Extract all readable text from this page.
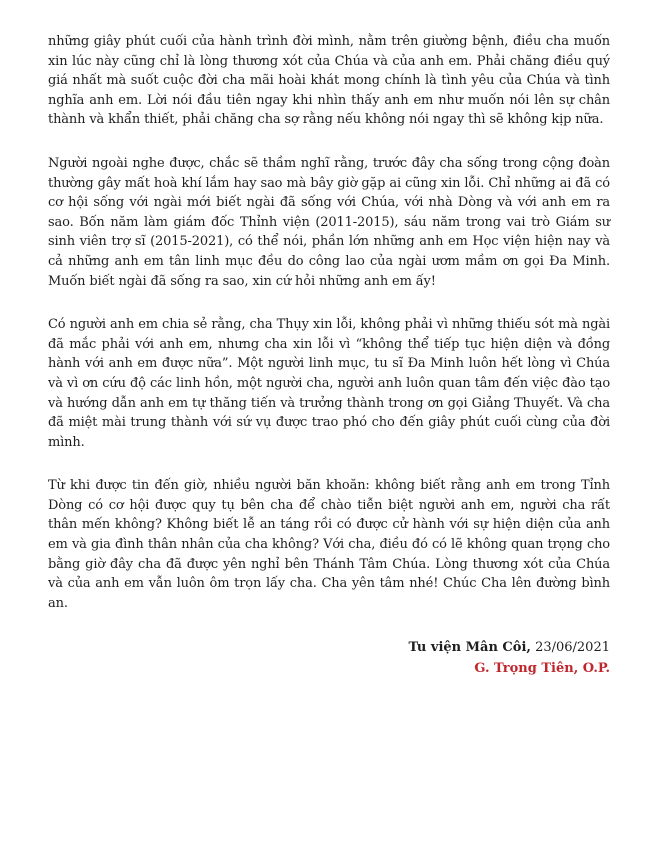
những giây phút cuối của hành trình đời mình, nằm trên giường bệnh, điều cha muốn xin lúc này cũng chỉ là lòng thương xót của Chúa và của anh em. Phải chăng điều quý giá nhất mà suốt cuộc đời cha mãi hoài khát mong chính là tình yêu của Chúa và tình nghĩa anh em. Lời nói đầu tiên ngay khi nhìn thấy anh em như muốn nói lên sự chân thành và khẩn thiết, phải chăng cha sợ rằng nếu không nói ngay thì sẽ không kịp nữa.

Người ngoài nghe được, chắc sẽ thầm nghĩ rằng, trước đây cha sống trong cộng đoàn thường gây mất hoà khí lắm hay sao mà bây giờ gặp ai cũng xin lỗi. Chỉ những ai đã có cơ hội sống với ngài mới biết ngài đã sống với Chúa, với nhà Dòng và với anh em ra sao. Bốn năm làm giám đốc Thỉnh viện (2011-2015), sáu năm trong vai trò Giám sư sinh viên trợ sĩ (2015-2021), có thể nói, phần lớn những anh em Học viện hiện nay và cả những anh em tân linh mục đều do công lao của ngài ươm mầm ơn gọi Đa Minh. Muốn biết ngài đã sống ra sao, xin cứ hỏi những anh em ấy!

Có người anh em chia sẻ rằng, cha Thụy xin lỗi, không phải vì những thiếu sót mà ngài đã mắc phải với anh em, nhưng cha xin lỗi vì “không thể tiếp tục hiện diện và đồng hành với anh em được nữa”. Một người linh mục, tu sĩ Đa Minh luôn hết lòng vì Chúa và vì ơn cứu độ các linh hồn, một người cha, người anh luôn quan tâm đến việc đào tạo và hướng dẫn anh em tự thăng tiến và trưởng thành trong ơn gọi Giảng Thuyết. Và cha đã miệt mài trung thành với sứ vụ được trao phó cho đến giây phút cuối cùng của đời mình.

Từ khi được tin đến giờ, nhiều người băn khoăn: không biết rằng anh em trong Tỉnh Dòng có cơ hội được quy tụ bên cha để chào tiễn biệt người anh em, người cha rất thân mến không? Không biết lễ an táng rồi có được cử hành với sự hiện diện của anh em và gia đình thân nhân của cha không? Với cha, điều đó có lẽ không quan trọng cho bằng giờ đây cha đã được yên nghỉ bên Thánh Tâm Chúa. Lòng thương xót của Chúa và của anh em vẫn luôn ôm trọn lấy cha. Cha yên tâm nhé! Chúc Cha lên đường bình an.

Tu viện Mân Côi, 23/06/2021
G. Trọng Tiên, O.P.
